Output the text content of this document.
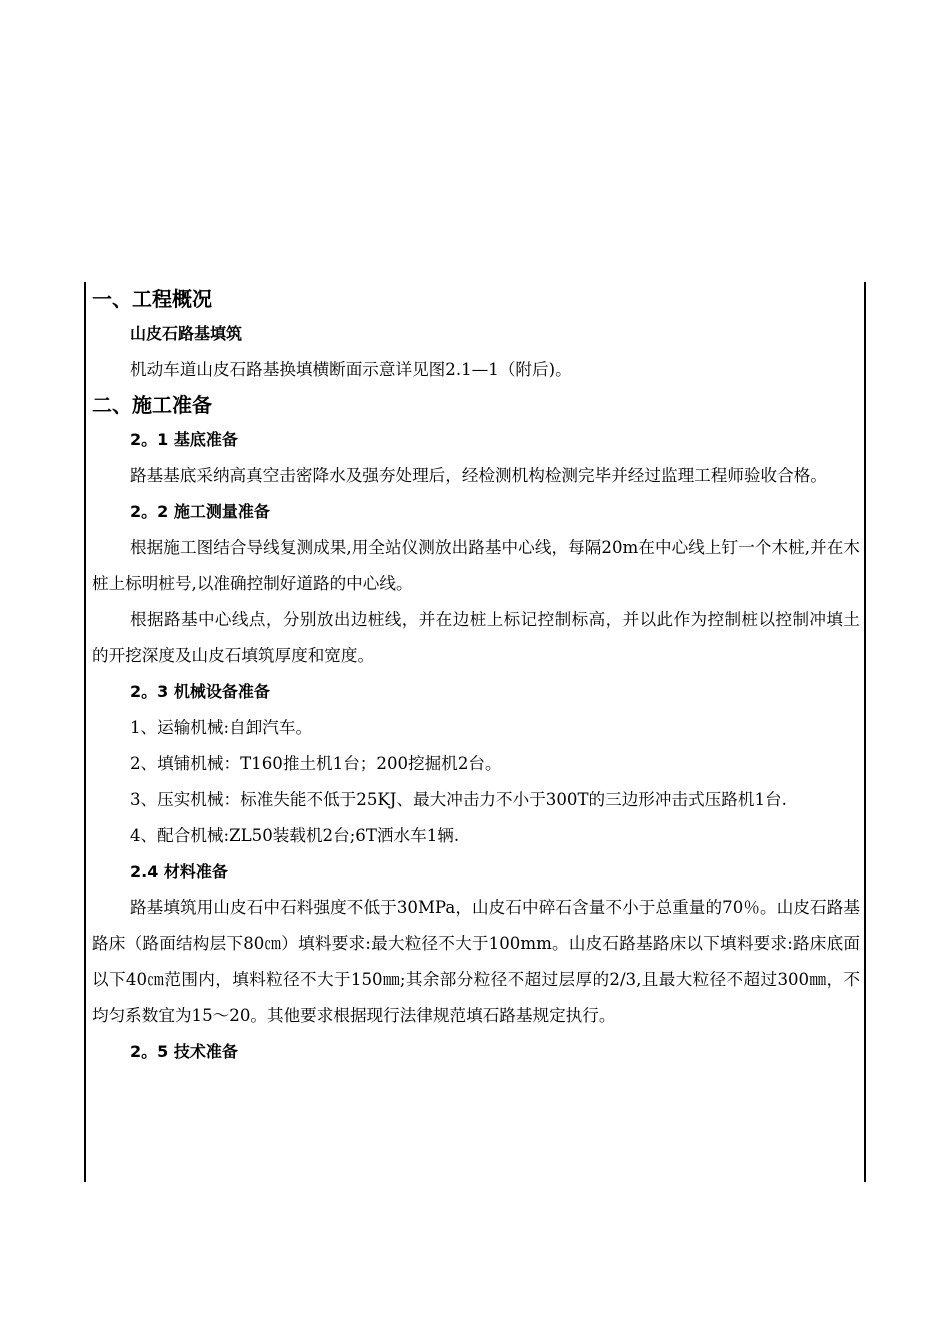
一、工程概况
山皮石路基填筑

机动车道山皮石路基换填横断面示意详见图2.1—1（附后)。

二、施工准备
2。1 基底准备

路基基底采纳高真空击密降水及强夯处理后，经检测机构检测完毕并经过监理工程师验收合格。

2。2 施工测量准备

根据施工图结合导线复测成果,用全站仪测放出路基中心线，每隔20m在中心线上钉一个木桩,并在木桩上标明桩号,以准确控制好道路的中心线。

根据路基中心线点，分别放出边桩线，并在边桩上标记控制标高，并以此作为控制桩以控制冲填土的开挖深度及山皮石填筑厚度和宽度。

2。3 机械设备准备

1、运输机械:自卸汽车。

2、填铺机械：T160推土机1台；200挖掘机2台。

3、压实机械：标准失能不低于25KJ、最大冲击力不小于300T的三边形冲击式压路机1台.

4、配合机械:ZL50装载机2台;6T洒水车1辆.

2.4 材料准备

路基填筑用山皮石中石料强度不低于30MPa，山皮石中碎石含量不小于总重量的70％。山皮石路基路床（路面结构层下80㎝）填料要求:最大粒径不大于100mm。山皮石路基路床以下填料要求:路床底面以下40㎝范围内，填料粒径不大于150㎜;其余部分粒径不超过层厚的2/3,且最大粒径不超过300㎜，不均匀系数宜为15～20。其他要求根据现行法律规范填石路基规定执行。

2。5 技术准备
